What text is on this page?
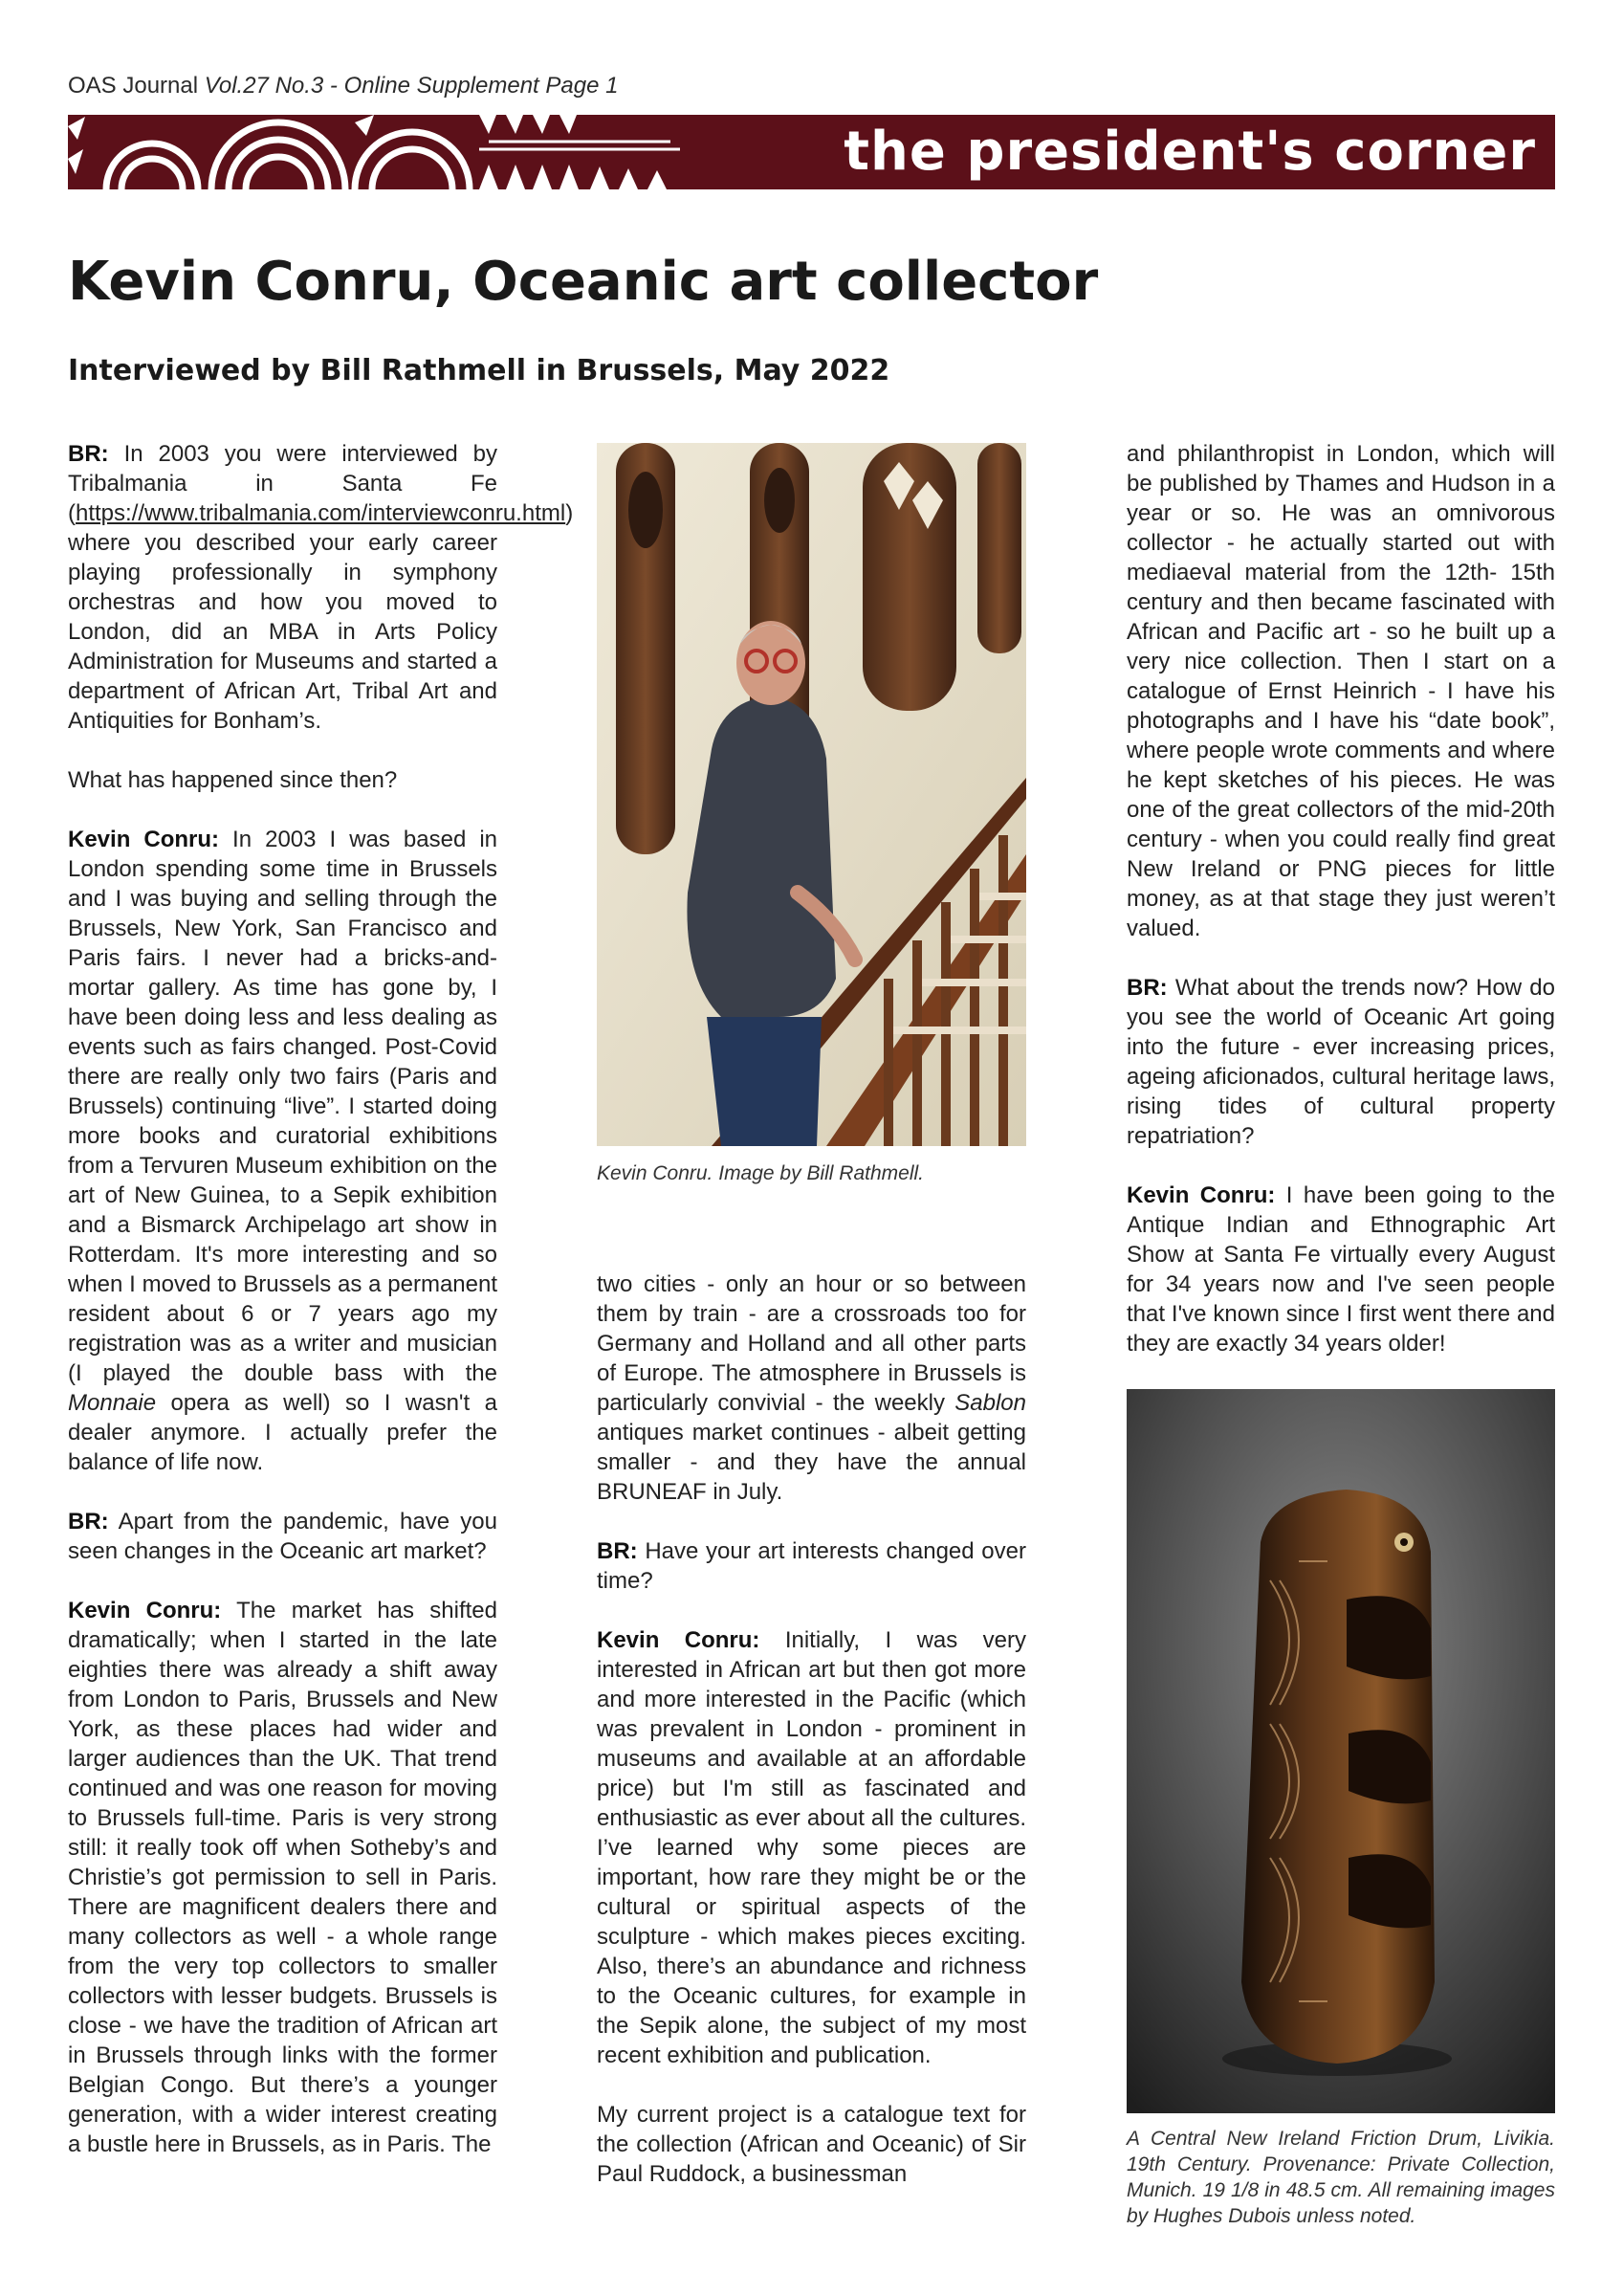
OAS Journal Vol.27 No.3 - Online Supplement Page 1
the president's corner
Kevin Conru, Oceanic art collector
Interviewed by Bill Rathmell in Brussels, May 2022

BR: In 2003 you were interviewed by Tribalmania in Santa Fe (https://www.tribalmania.com/interviewconru.html) where you described your early career playing professionally in symphony orchestras and how you moved to London, did an MBA in Arts Policy Administration for Museums and started a department of African Art, Tribal Art and Antiquities for Bonham’s.

What has happened since then?

Kevin Conru: In 2003 I was based in London spending some time in Brussels and I was buying and selling through the Brussels, New York, San Francisco and Paris fairs. I never had a bricks-and-mortar gallery. As time has gone by, I have been doing less and less dealing as events such as fairs changed. Post-Covid there are really only two fairs (Paris and Brussels) continuing “live”. I started doing more books and curatorial exhibitions from a Tervuren Museum exhibition on the art of New Guinea, to a Sepik exhibition and a Bismarck Archipelago art show in Rotterdam. It's more interesting and so when I moved to Brussels as a permanent resident about 6 or 7 years ago my registration was as a writer and musician (I played the double bass with the Monnaie opera as well) so I wasn't a dealer anymore. I actually prefer the balance of life now.

BR: Apart from the pandemic, have you seen changes in the Oceanic art market?

Kevin Conru: The market has shifted dramatically; when I started in the late eighties there was already a shift away from London to Paris, Brussels and New York, as these places had wider and larger audiences than the UK. That trend continued and was one reason for moving to Brussels full-time. Paris is very strong still: it really took off when Sotheby’s and Christie’s got permission to sell in Paris. There are magnificent dealers there and many collectors as well - a whole range from the very top collectors to smaller collectors with lesser budgets. Brussels is close - we have the tradition of African art in Brussels through links with the former Belgian Congo. But there’s a younger generation, with a wider interest creating a bustle here in Brussels, as in Paris. The

Kevin Conru. Image by Bill Rathmell.

two cities - only an hour or so between them by train - are a crossroads too for Germany and Holland and all other parts of Europe. The atmosphere in Brussels is particularly convivial - the weekly Sablon antiques market continues - albeit getting smaller - and they have the annual BRUNEAF in July.

BR: Have your art interests changed over time?

Kevin Conru: Initially, I was very interested in African art but then got more and more interested in the Pacific (which was prevalent in London - prominent in museums and available at an affordable price) but I'm still as fascinated and enthusiastic as ever about all the cultures. I’ve learned why some pieces are important, how rare they might be or the cultural or spiritual aspects of the sculpture - which makes pieces exciting. Also, there’s an abundance and richness to the Oceanic cultures, for example in the Sepik alone, the subject of my most recent exhibition and publication.

My current project is a catalogue text for the collection (African and Oceanic) of Sir Paul Ruddock, a businessman

and philanthropist in London, which will be published by Thames and Hudson in a year or so. He was an omnivorous collector - he actually started out with mediaeval material from the 12th- 15th century and then became fascinated with African and Pacific art - so he built up a very nice collection. Then I start on a catalogue of Ernst Heinrich - I have his photographs and I have his “date book”, where people wrote comments and where he kept sketches of his pieces. He was one of the great collectors of the mid-20th century - when you could really find great New Ireland or PNG pieces for little money, as at that stage they just weren’t valued.

BR: What about the trends now? How do you see the world of Oceanic Art going into the future - ever increasing prices, ageing aficionados, cultural heritage laws, rising tides of cultural property repatriation?

Kevin Conru: I have been going to the Antique Indian and Ethnographic Art Show at Santa Fe virtually every August for 34 years now and I've seen people that I've known since I first went there and they are exactly 34 years older!

A Central New Ireland Friction Drum, Livikia. 19th Century. Provenance: Private Collection, Munich. 19 1/8 in 48.5 cm. All remaining images by Hughes Dubois unless noted.
